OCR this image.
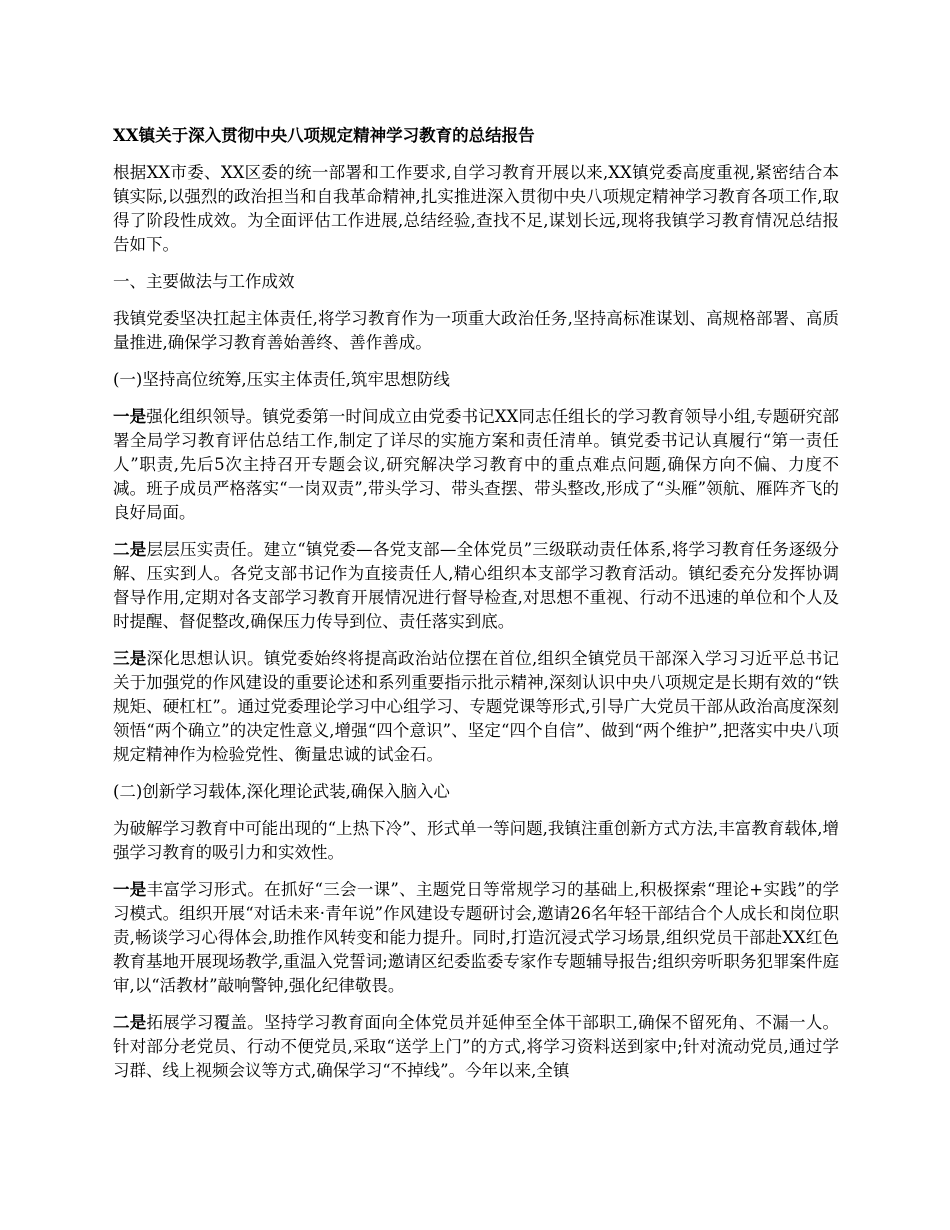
XX镇关于深入贯彻中央八项规定精神学习教育的总结报告
根据XX市委、XX区委的统一部署和工作要求,自学习教育开展以来,XX镇党委高度重视,紧密结合本镇实际,以强烈的政治担当和自我革命精神,扎实推进深入贯彻中央八项规定精神学习教育各项工作,取得了阶段性成效。为全面评估工作进展,总结经验,查找不足,谋划长远,现将我镇学习教育情况总结报告如下。
一、主要做法与工作成效
我镇党委坚决扛起主体责任,将学习教育作为一项重大政治任务,坚持高标准谋划、高规格部署、高质量推进,确保学习教育善始善终、善作善成。
(一)坚持高位统筹,压实主体责任,筑牢思想防线
一是强化组织领导。镇党委第一时间成立由党委书记XX同志任组长的学习教育领导小组,专题研究部署全局学习教育评估总结工作,制定了详尽的实施方案和责任清单。镇党委书记认真履行“第一责任人”职责,先后5次主持召开专题会议,研究解决学习教育中的重点难点问题,确保方向不偏、力度不减。班子成员严格落实“一岗双责”,带头学习、带头查摆、带头整改,形成了“头雁”领航、雁阵齐飞的良好局面。
二是层层压实责任。建立“镇党委—各党支部—全体党员”三级联动责任体系,将学习教育任务逐级分解、压实到人。各党支部书记作为直接责任人,精心组织本支部学习教育活动。镇纪委充分发挥协调督导作用,定期对各支部学习教育开展情况进行督导检查,对思想不重视、行动不迅速的单位和个人及时提醒、督促整改,确保压力传导到位、责任落实到底。
三是深化思想认识。镇党委始终将提高政治站位摆在首位,组织全镇党员干部深入学习习近平总书记关于加强党的作风建设的重要论述和系列重要指示批示精神,深刻认识中央八项规定是长期有效的“铁规矩、硬杠杠”。通过党委理论学习中心组学习、专题党课等形式,引导广大党员干部从政治高度深刻领悟“两个确立”的决定性意义,增强“四个意识”、坚定“四个自信”、做到“两个维护”,把落实中央八项规定精神作为检验党性、衡量忠诚的试金石。
(二)创新学习载体,深化理论武装,确保入脑入心
为破解学习教育中可能出现的“上热下冷”、形式单一等问题,我镇注重创新方式方法,丰富教育载体,增强学习教育的吸引力和实效性。
一是丰富学习形式。在抓好“三会一课”、主题党日等常规学习的基础上,积极探索“理论+实践”的学习模式。组织开展“对话未来·青年说”作风建设专题研讨会,邀请26名年轻干部结合个人成长和岗位职责,畅谈学习心得体会,助推作风转变和能力提升。同时,打造沉浸式学习场景,组织党员干部赴XX红色教育基地开展现场教学,重温入党誓词;邀请区纪委监委专家作专题辅导报告;组织旁听职务犯罪案件庭审,以“活教材”敲响警钟,强化纪律敬畏。
二是拓展学习覆盖。坚持学习教育面向全体党员并延伸至全体干部职工,确保不留死角、不漏一人。针对部分老党员、行动不便党员,采取“送学上门”的方式,将学习资料送到家中;针对流动党员,通过学习群、线上视频会议等方式,确保学习“不掉线”。今年以来,全镇
